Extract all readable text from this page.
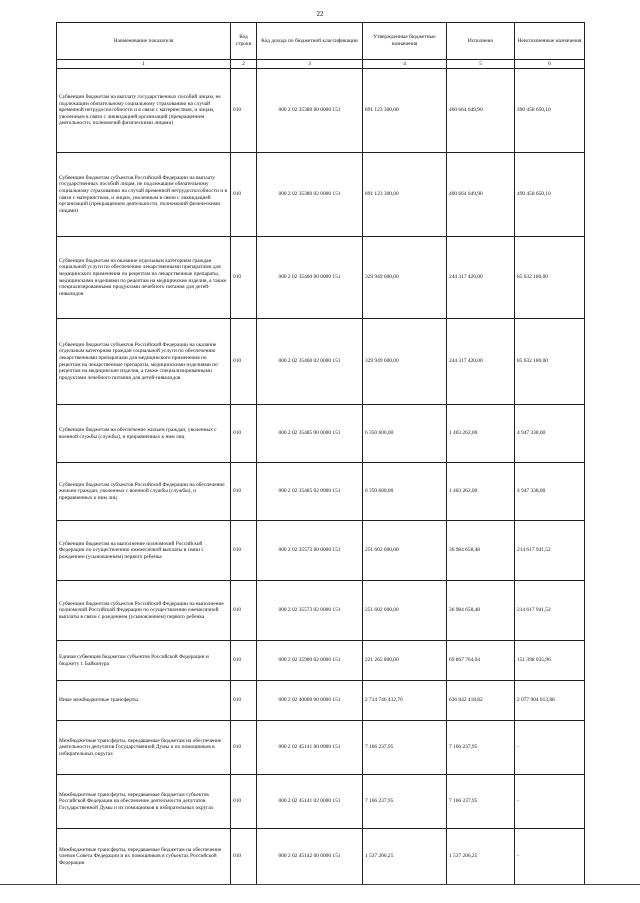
22
Наименование показателя	Код строки	Код дохода по бюджетной классификации	Утвержденные бюджетные назначения	Исполнено	Неисполненные назначения
1	2	3	4	5	6
Субвенции бюджетам на выплату государственных пособий лицам, не подлежащим обязательному социальному страхованию на случай временной нетрудоспособности и в связи с материнством, и лицам, уволенным в связи с ликвидацией организаций (прекращением деятельности, полномочий физическими лицами)	010	000 2 02 35380 00 0000 151	891 123 300,00	400 664 649,90	490 458 650,10
Субвенции бюджетам субъектов Российской Федерации на выплату государственных пособий лицам, не подлежащим обязательному социальному страхованию на случай временной нетрудоспособности и в связи с материнством, и лицам, уволенным в связи с ликвидацией организаций (прекращением деятельности, полномочий физическими лицами)	010	000 2 02 35380 02 0000 151	891 123 300,00	400 664 649,90	490 458 650,10
Субвенции бюджетам на оказание отдельным категориям граждан социальной услуги по обеспечению лекарственными препаратами для медицинского применения по рецептам на лекарственные препараты, медицинскими изделиями по рецептам на медицинские изделия, а также специализированными продуктами лечебного питания для детей-инвалидов	010	000 2 02 35460 00 0000 151	329 949 600,00	244 317 420,00	85 632 180,00
Субвенции бюджетам субъектов Российской Федерации на оказание отдельным категориям граждан социальной услуги по обеспечению лекарственными препаратами для медицинского применения по рецептам на лекарственные препараты, медицинскими изделиями по рецептам на медицинские изделия, а также специализированными продуктами лечебного питания для детей-инвалидов	010	000 2 02 35460 02 0000 151	329 949 600,00	244 317 420,00	85 632 180,00
Субвенции бюджетам на обеспечение жильем граждан, уволенных с военной службы (службы), и приравненных к ним лиц	010	000 2 02 35485 00 0000 151	6 350 600,00	1 403 262,00	4 947 338,00
Субвенции бюджетам субъектов Российской Федерации на обеспечение жильем граждан, уволенных с военной службы (службы), и приравненных к ним лиц	010	000 2 02 35485 02 0000 151	6 350 600,00	1 403 262,00	4 947 338,00
Субвенции бюджетам на выполнение полномочий Российской Федерации по осуществлению ежемесячной выплаты в связи с рождением (усыновлением) первого ребенка	010	000 2 02 35573 00 0000 151	251 602 600,00	36 984 658,48	214 617 941,52
Субвенции бюджетам субъектов Российской Федерации на выполнение полномочий Российской Федерации по осуществлению ежемесячной выплаты в связи с рождением (усыновлением) первого ребенка	010	000 2 02 35573 02 0000 151	251 602 600,00	36 984 658,48	214 617 941,52
Единая субвенция бюджетам субъектов Российской Федерации и бюджету г. Байконура	010	000 2 02 35900 02 0000 151	221 265 800,00	69 867 764,04	151 398 035,96
Иные межбюджетные трансферты	010	000 2 02 40000 00 0000 151	2 714 746 432,70	636 842 418,82	2 077 904 013,88
Межбюджетные трансферты, передаваемые бюджетам на обеспечение деятельности депутатов Государственной Думы и их помощников в избирательных округах	010	000 2 02 45141 00 0000 151	7 166 237,95	7 166 237,95	-
Межбюджетные трансферты, передаваемые бюджетам субъектов Российской Федерации на обеспечение деятельности депутатов Государственной Думы и их помощников в избирательных округах	010	000 2 02 45141 02 0000 151	7 166 237,95	7 166 237,95	-
Межбюджетные трансферты, передаваемые бюджетам на обеспечение членов Совета Федерации и их помощников в субъектах Российской Федерации	010	000 2 02 45142 00 0000 151	1 537 206,25	1 537 206,25	-
